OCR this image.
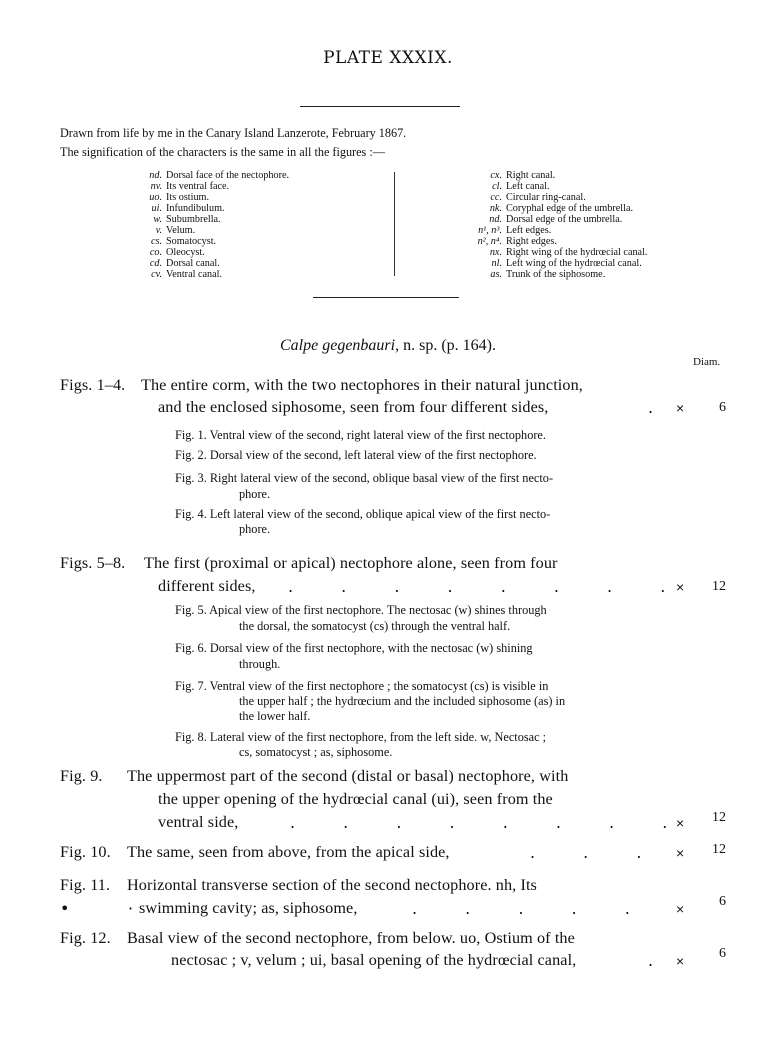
PLATE XXXIX.
Drawn from life by me in the Canary Island Lanzerote, February 1867.
The signification of the characters is the same in all the figures :—
nd. Dorsal face of the nectophore.
nv. Its ventral face.
uo. Its ostium.
ui. Infundibulum.
w. Subumbrella.
v. Velum.
cs. Somatocyst.
co. Oleocyst.
cd. Dorsal canal.
cv. Ventral canal.
cx. Right canal.
cl. Left canal.
cc. Circular ring-canal.
nk. Coryphal edge of the umbrella.
nd. Dorsal edge of the umbrella.
n¹, n³. Left edges.
n², n⁴. Right edges.
nx. Right wing of the hydrœcial canal.
nl. Left wing of the hydrœcial canal.
as. Trunk of the siphosome.
Calpe gegenbauri, n. sp. (p. 164).
Diam.
Figs. 1–4. The entire corm, with the two nectophores in their natural junction,
and the enclosed siphosome, seen from four different sides,	. ×	6
Fig. 1. Ventral view of the second, right lateral view of the first nectophore.
Fig. 2. Dorsal view of the second, left lateral view of the first nectophore.
Fig. 3. Right lateral view of the second, oblique basal view of the first necto-
phore.
Fig. 4. Left lateral view of the second, oblique apical view of the first necto-
phore.
Figs. 5–8. The first (proximal or apical) nectophore alone, seen from four
different sides, . . . . . . . . ×	12
Fig. 5. Apical view of the first nectophore. The nectosac (w) shines through
the dorsal, the somatocyst (cs) through the ventral half.
Fig. 6. Dorsal view of the first nectophore, with the nectosac (w) shining
through.
Fig. 7. Ventral view of the first nectophore ; the somatocyst (cs) is visible in
the upper half ; the hydrœcium and the included siphosome (as) in
the lower half.
Fig. 8. Lateral view of the first nectophore, from the left side. w, Nectosac ;
cs, somatocyst ; as, siphosome.
Fig. 9. The uppermost part of the second (distal or basal) nectophore, with
the upper opening of the hydrœcial canal (ui), seen from the
ventral side,	. . . . . . . . ×	12
Fig. 10. The same, seen from above, from the apical side,	. . . ×	12
Fig. 11. Horizontal transverse section of the second nectophore. nh, Its
•	· swimming cavity; as, siphosome,	. . . . .	×	6
Fig. 12. Basal view of the second nectophore, from below. uo, Ostium of the
nectosac ; v, velum ; ui, basal opening of the hydrœcial canal,	. ×	6
